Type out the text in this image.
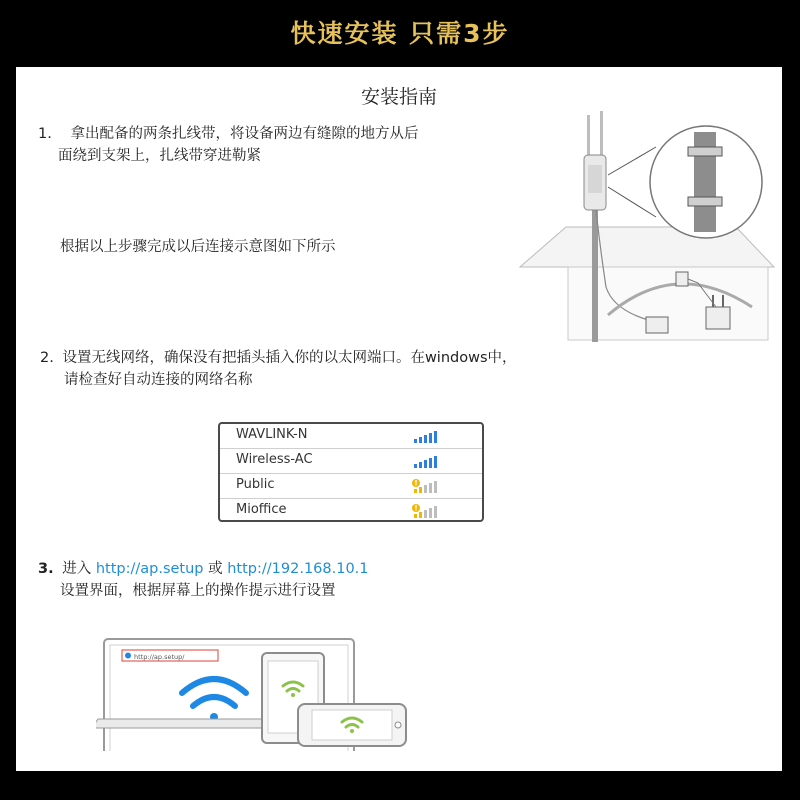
快速安装 只需3步
安装指南
1. 拿出配备的两条扎线带，将设备两边有缝隙的地方从后
面绕到支架上，扎线带穿进勒紧
根据以上步骤完成以后连接示意图如下所示
2. 设置无线网络，确保没有把插头插入你的以太网端口。在windows中，
请检查好自动连接的网络名称
WAVLINK-N
Wireless-AC
Public
Mioffice
3. 进入 http://ap.setup 或 http://192.168.10.1
设置界面，根据屏幕上的操作提示进行设置
http://ap.setup/
